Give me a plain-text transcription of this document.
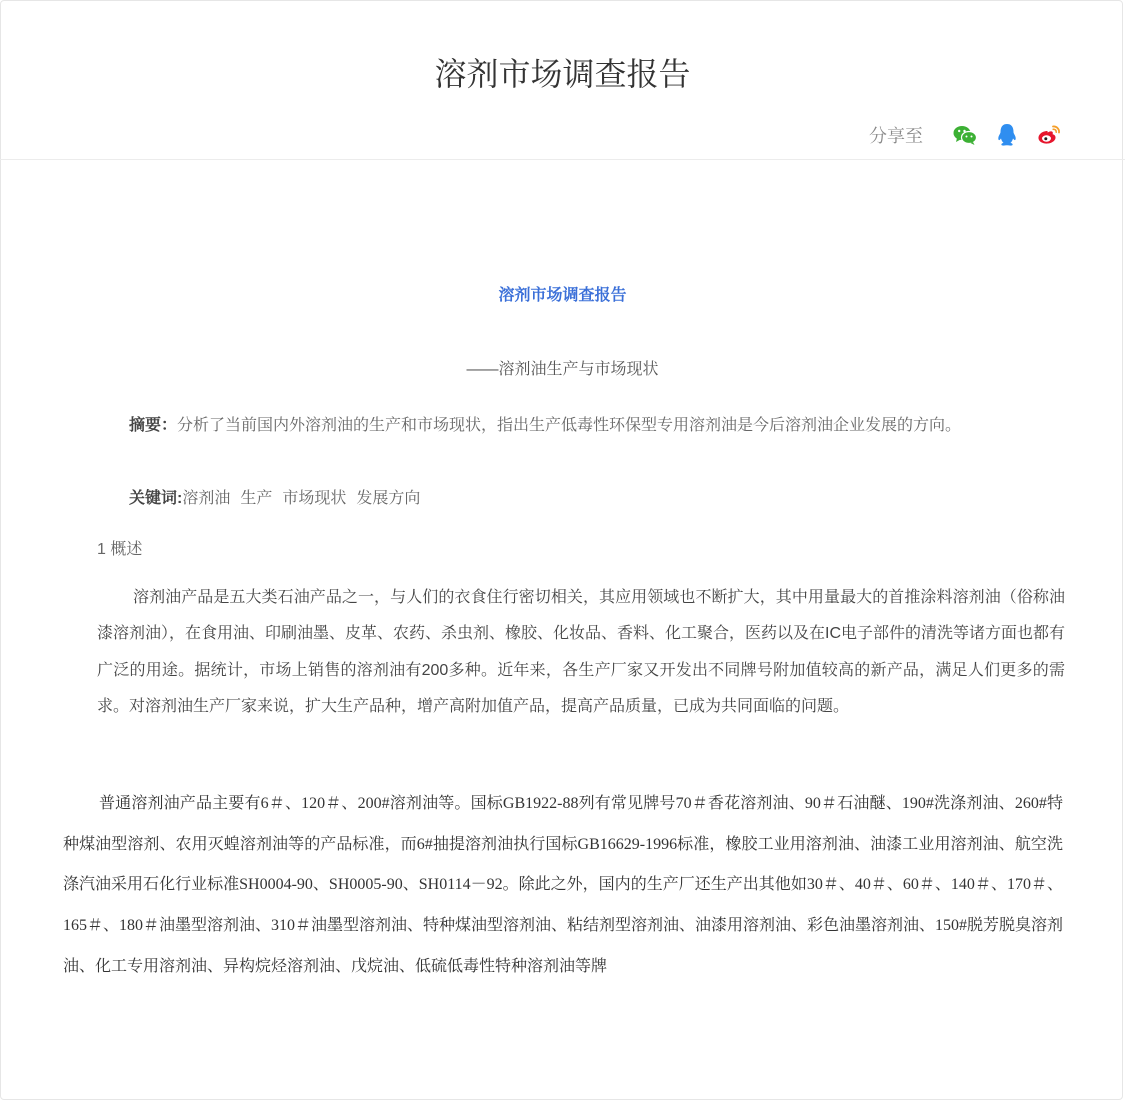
溶剂市场调查报告
分享至
溶剂市场调查报告
——溶剂油生产与市场现状
摘要：分析了当前国内外溶剂油的生产和市场现状，指出生产低毒性环保型专用溶剂油是今后溶剂油企业发展的方向。
关键词:溶剂油 生产 市场现状 发展方向
1 概述
溶剂油产品是五大类石油产品之一，与人们的衣食住行密切相关，其应用领域也不断扩大，其中用量最大的首推涂料溶剂油（俗称油漆溶剂油），在食用油、印刷油墨、皮革、农药、杀虫剂、橡胶、化妆品、香料、化工聚合，医药以及在IC电子部件的清洗等诸方面也都有广泛的用途。据统计，市场上销售的溶剂油有200多种。近年来，各生产厂家又开发出不同牌号附加值较高的新产品，满足人们更多的需求。对溶剂油生产厂家来说，扩大生产品种，增产高附加值产品，提高产品质量，已成为共同面临的问题。
普通溶剂油产品主要有6＃、120＃、200#溶剂油等。国标GB1922-88列有常见牌号70＃香花溶剂油、90＃石油醚、190#洗涤剂油、260#特种煤油型溶剂、农用灭蝗溶剂油等的产品标准，而6#抽提溶剂油执行国标GB16629-1996标准，橡胶工业用溶剂油、油漆工业用溶剂油、航空洗涤汽油采用石化行业标准SH0004-90、SH0005-90、SH0114－92。除此之外，国内的生产厂还生产出其他如30＃、40＃、60＃、140＃、170＃、165＃、180＃油墨型溶剂油、310＃油墨型溶剂油、特种煤油型溶剂油、粘结剂型溶剂油、油漆用溶剂油、彩色油墨溶剂油、150#脱芳脱臭溶剂油、化工专用溶剂油、异构烷烃溶剂油、戊烷油、低硫低毒性特种溶剂油等牌
